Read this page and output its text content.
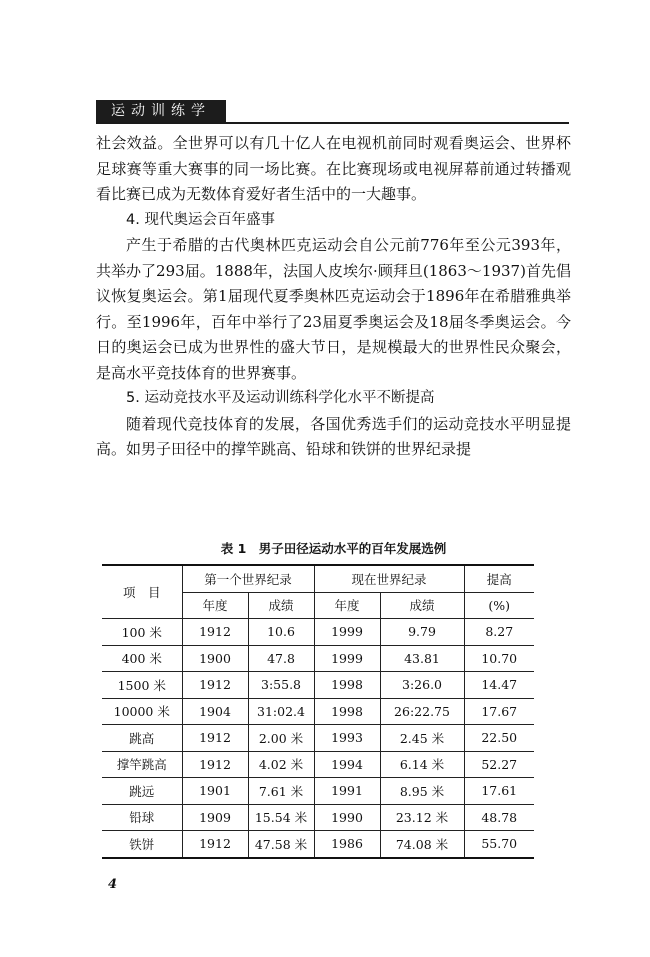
运动训练学

社会效益。全世界可以有几十亿人在电视机前同时观看奥运会、世界杯足球赛等重大赛事的同一场比赛。在比赛现场或电视屏幕前通过转播观看比赛已成为无数体育爱好者生活中的一大趣事。

4. 现代奥运会百年盛事

产生于希腊的古代奥林匹克运动会自公元前776年至公元393年，共举办了293届。1888年，法国人皮埃尔·顾拜旦(1863～1937)首先倡议恢复奥运会。第1届现代夏季奥林匹克运动会于1896年在希腊雅典举行。至1996年，百年中举行了23届夏季奥运会及18届冬季奥运会。今日的奥运会已成为世界性的盛大节日，是规模最大的世界性民众聚会，是高水平竞技体育的世界赛事。

5. 运动竞技水平及运动训练科学化水平不断提高

随着现代竞技体育的发展，各国优秀选手们的运动竞技水平明显提高。如男子田径中的撑竿跳高、铅球和铁饼的世界纪录提

表 1　男子田径运动水平的百年发展选例
项　目	第一个世界纪录		现在世界纪录		提高
	年度	成绩	年度	成绩	(%)
100 米	1912	10.6	1999	9.79	8.27
400 米	1900	47.8	1999	43.81	10.70
1500 米	1912	3:55.8	1998	3:26.0	14.47
10000 米	1904	31:02.4	1998	26:22.75	17.67
跳高	1912	2.00 米	1993	2.45 米	22.50
撑竿跳高	1912	4.02 米	1994	6.14 米	52.27
跳远	1901	7.61 米	1991	8.95 米	17.61
铅球	1909	15.54 米	1990	23.12 米	48.78
铁饼	1912	47.58 米	1986	74.08 米	55.70
4
